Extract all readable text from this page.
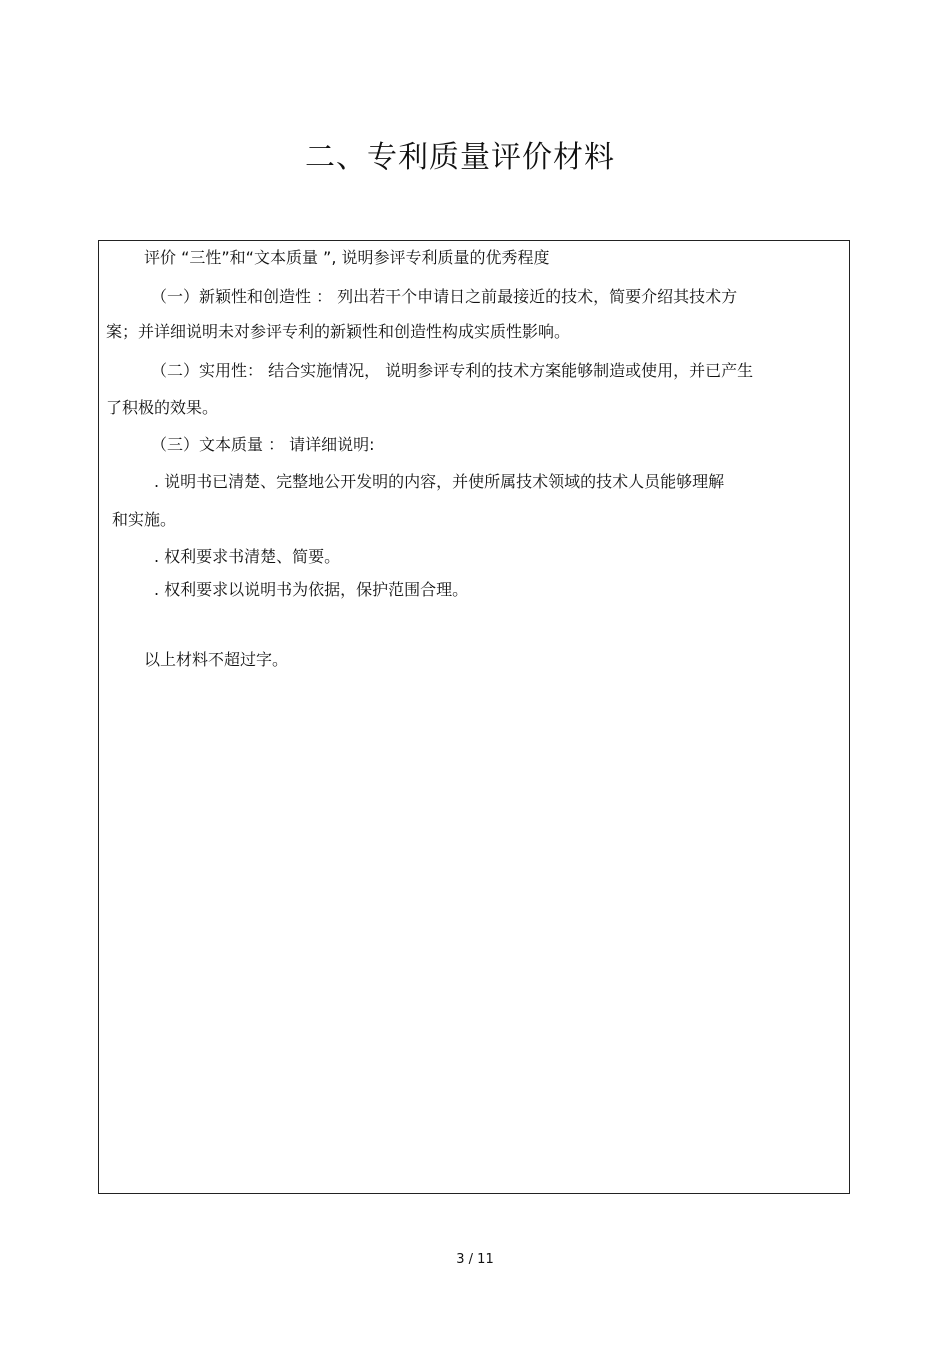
二、专利质量评价材料
评价 “三性”和“文本质量 ”, 说明参评专利质量的优秀程度
（一）新颖性和创造性 ： 列出若干个申请日之前最接近的技术，简要介绍其技术方
案；并详细说明未对参评专利的新颖性和创造性构成实质性影响。
（二）实用性： 结合实施情况， 说明参评专利的技术方案能够制造或使用，并已产生
了积极的效果。
（三）文本质量 ： 请详细说明:
. 说明书已清楚、完整地公开发明的内容，并使所属技术领域的技术人员能够理解
和实施。
. 权利要求书清楚、简要。
. 权利要求以说明书为依据，保护范围合理。
以上材料不超过字。
3 / 11
